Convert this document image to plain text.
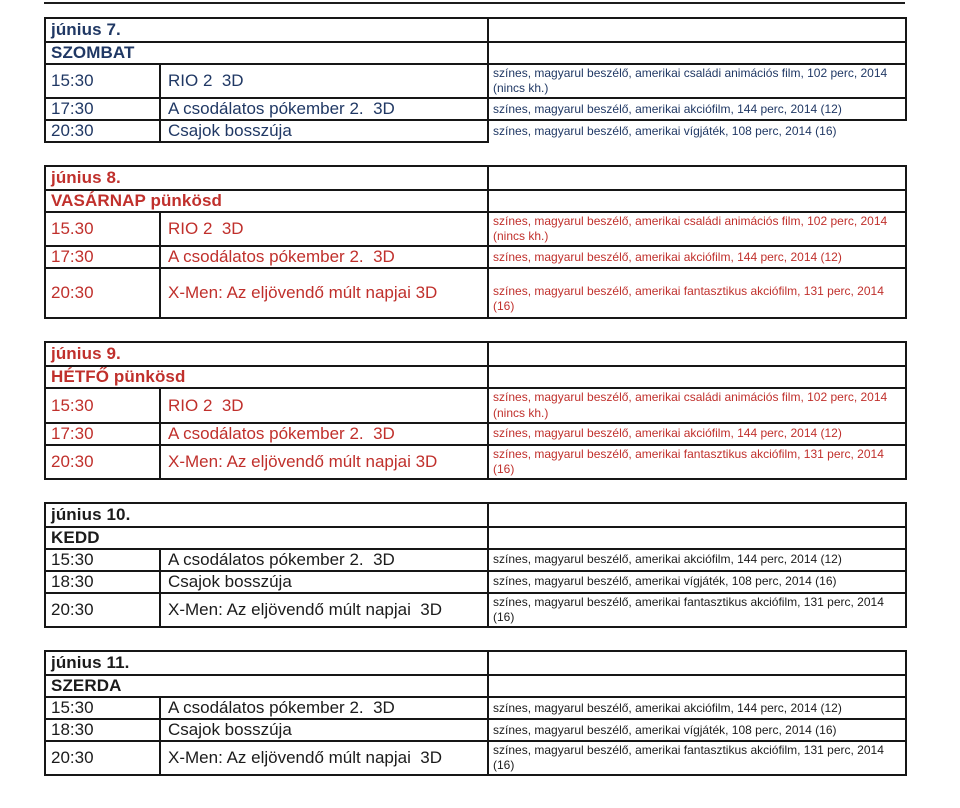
június 7.		
SZOMBAT		
15:30	RIO 2  3D	színes, magyarul beszélő, amerikai családi animációs film, 102 perc, 2014 (nincs kh.)
17:30	A csodálatos pókember 2.  3D	színes, magyarul beszélő, amerikai akciófilm, 144 perc, 2014 (12)
20:30	Csajok bosszúja	színes, magyarul beszélő, amerikai vígjáték, 108 perc, 2014 (16)
június 8.		
VASÁRNAP pünkösd		
15.30	RIO 2  3D	színes, magyarul beszélő, amerikai családi animációs film, 102 perc, 2014 (nincs kh.)
17:30	A csodálatos pókember 2.  3D	színes, magyarul beszélő, amerikai akciófilm, 144 perc, 2014 (12)
20:30	X-Men: Az eljövendő múlt napjai 3D	színes, magyarul beszélő, amerikai fantasztikus akciófilm, 131 perc, 2014 (16)
június 9.		
HÉTFŐ pünkösd		
15:30	RIO 2  3D	színes, magyarul beszélő, amerikai családi animációs film, 102 perc, 2014 (nincs kh.)
17:30	A csodálatos pókember 2.  3D	színes, magyarul beszélő, amerikai akciófilm, 144 perc, 2014 (12)
20:30	X-Men: Az eljövendő múlt napjai 3D	színes, magyarul beszélő, amerikai fantasztikus akciófilm, 131 perc, 2014 (16)
június 10.		
KEDD		
15:30	A csodálatos pókember 2.  3D	színes, magyarul beszélő, amerikai akciófilm, 144 perc, 2014 (12)
18:30	Csajok bosszúja	színes, magyarul beszélő, amerikai vígjáték, 108 perc, 2014 (16)
20:30	X-Men: Az eljövendő múlt napjai  3D	színes, magyarul beszélő, amerikai fantasztikus akciófilm, 131 perc, 2014 (16)
június 11.		
SZERDA		
15:30	A csodálatos pókember 2.  3D	színes, magyarul beszélő, amerikai akciófilm, 144 perc, 2014 (12)
18:30	Csajok bosszúja	színes, magyarul beszélő, amerikai vígjáték, 108 perc, 2014 (16)
20:30	X-Men: Az eljövendő múlt napjai  3D	színes, magyarul beszélő, amerikai fantasztikus akciófilm, 131 perc, 2014 (16)
